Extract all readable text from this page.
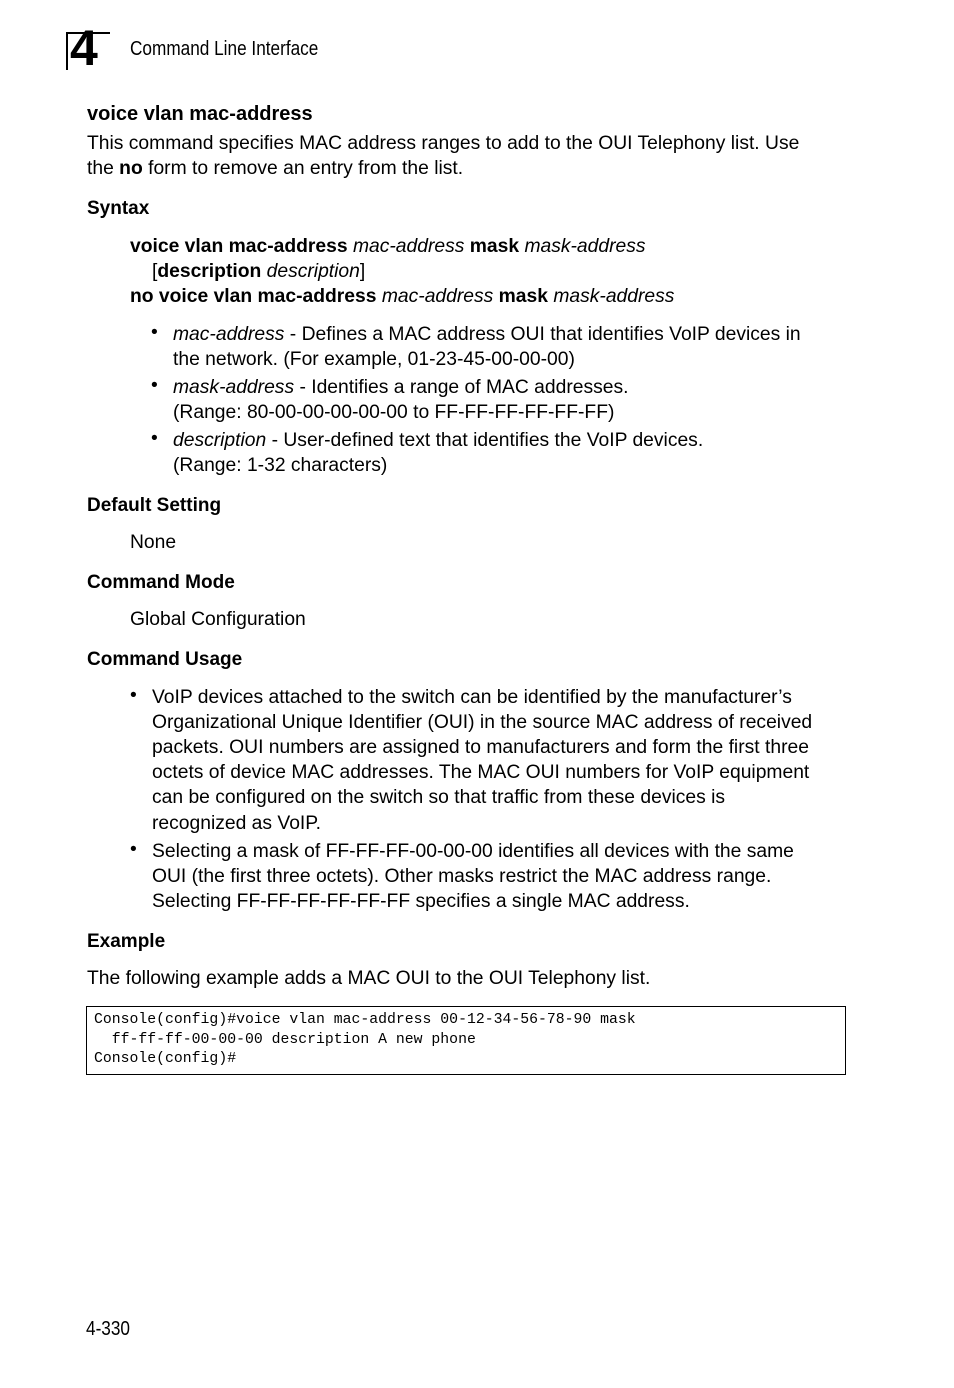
4 Command Line Interface
voice vlan mac-address
This command specifies MAC address ranges to add to the OUI Telephony list. Use
the no form to remove an entry from the list.
Syntax
voice vlan mac-address mac-address mask mask-address
[description description]
no voice vlan mac-address mac-address mask mask-address
• mac-address - Defines a MAC address OUI that identifies VoIP devices in
the network. (For example, 01-23-45-00-00-00)
• mask-address - Identifies a range of MAC addresses.
(Range: 80-00-00-00-00-00 to FF-FF-FF-FF-FF-FF)
• description - User-defined text that identifies the VoIP devices.
(Range: 1-32 characters)
Default Setting
None
Command Mode
Global Configuration
Command Usage
• VoIP devices attached to the switch can be identified by the manufacturer’s
Organizational Unique Identifier (OUI) in the source MAC address of received
packets. OUI numbers are assigned to manufacturers and form the first three
octets of device MAC addresses. The MAC OUI numbers for VoIP equipment
can be configured on the switch so that traffic from these devices is
recognized as VoIP.
• Selecting a mask of FF-FF-FF-00-00-00 identifies all devices with the same
OUI (the first three octets). Other masks restrict the MAC address range.
Selecting FF-FF-FF-FF-FF-FF specifies a single MAC address.
Example
The following example adds a MAC OUI to the OUI Telephony list.
Console(config)#voice vlan mac-address 00-12-34-56-78-90 mask
ff-ff-ff-00-00-00 description A new phone
Console(config)#
4-330
